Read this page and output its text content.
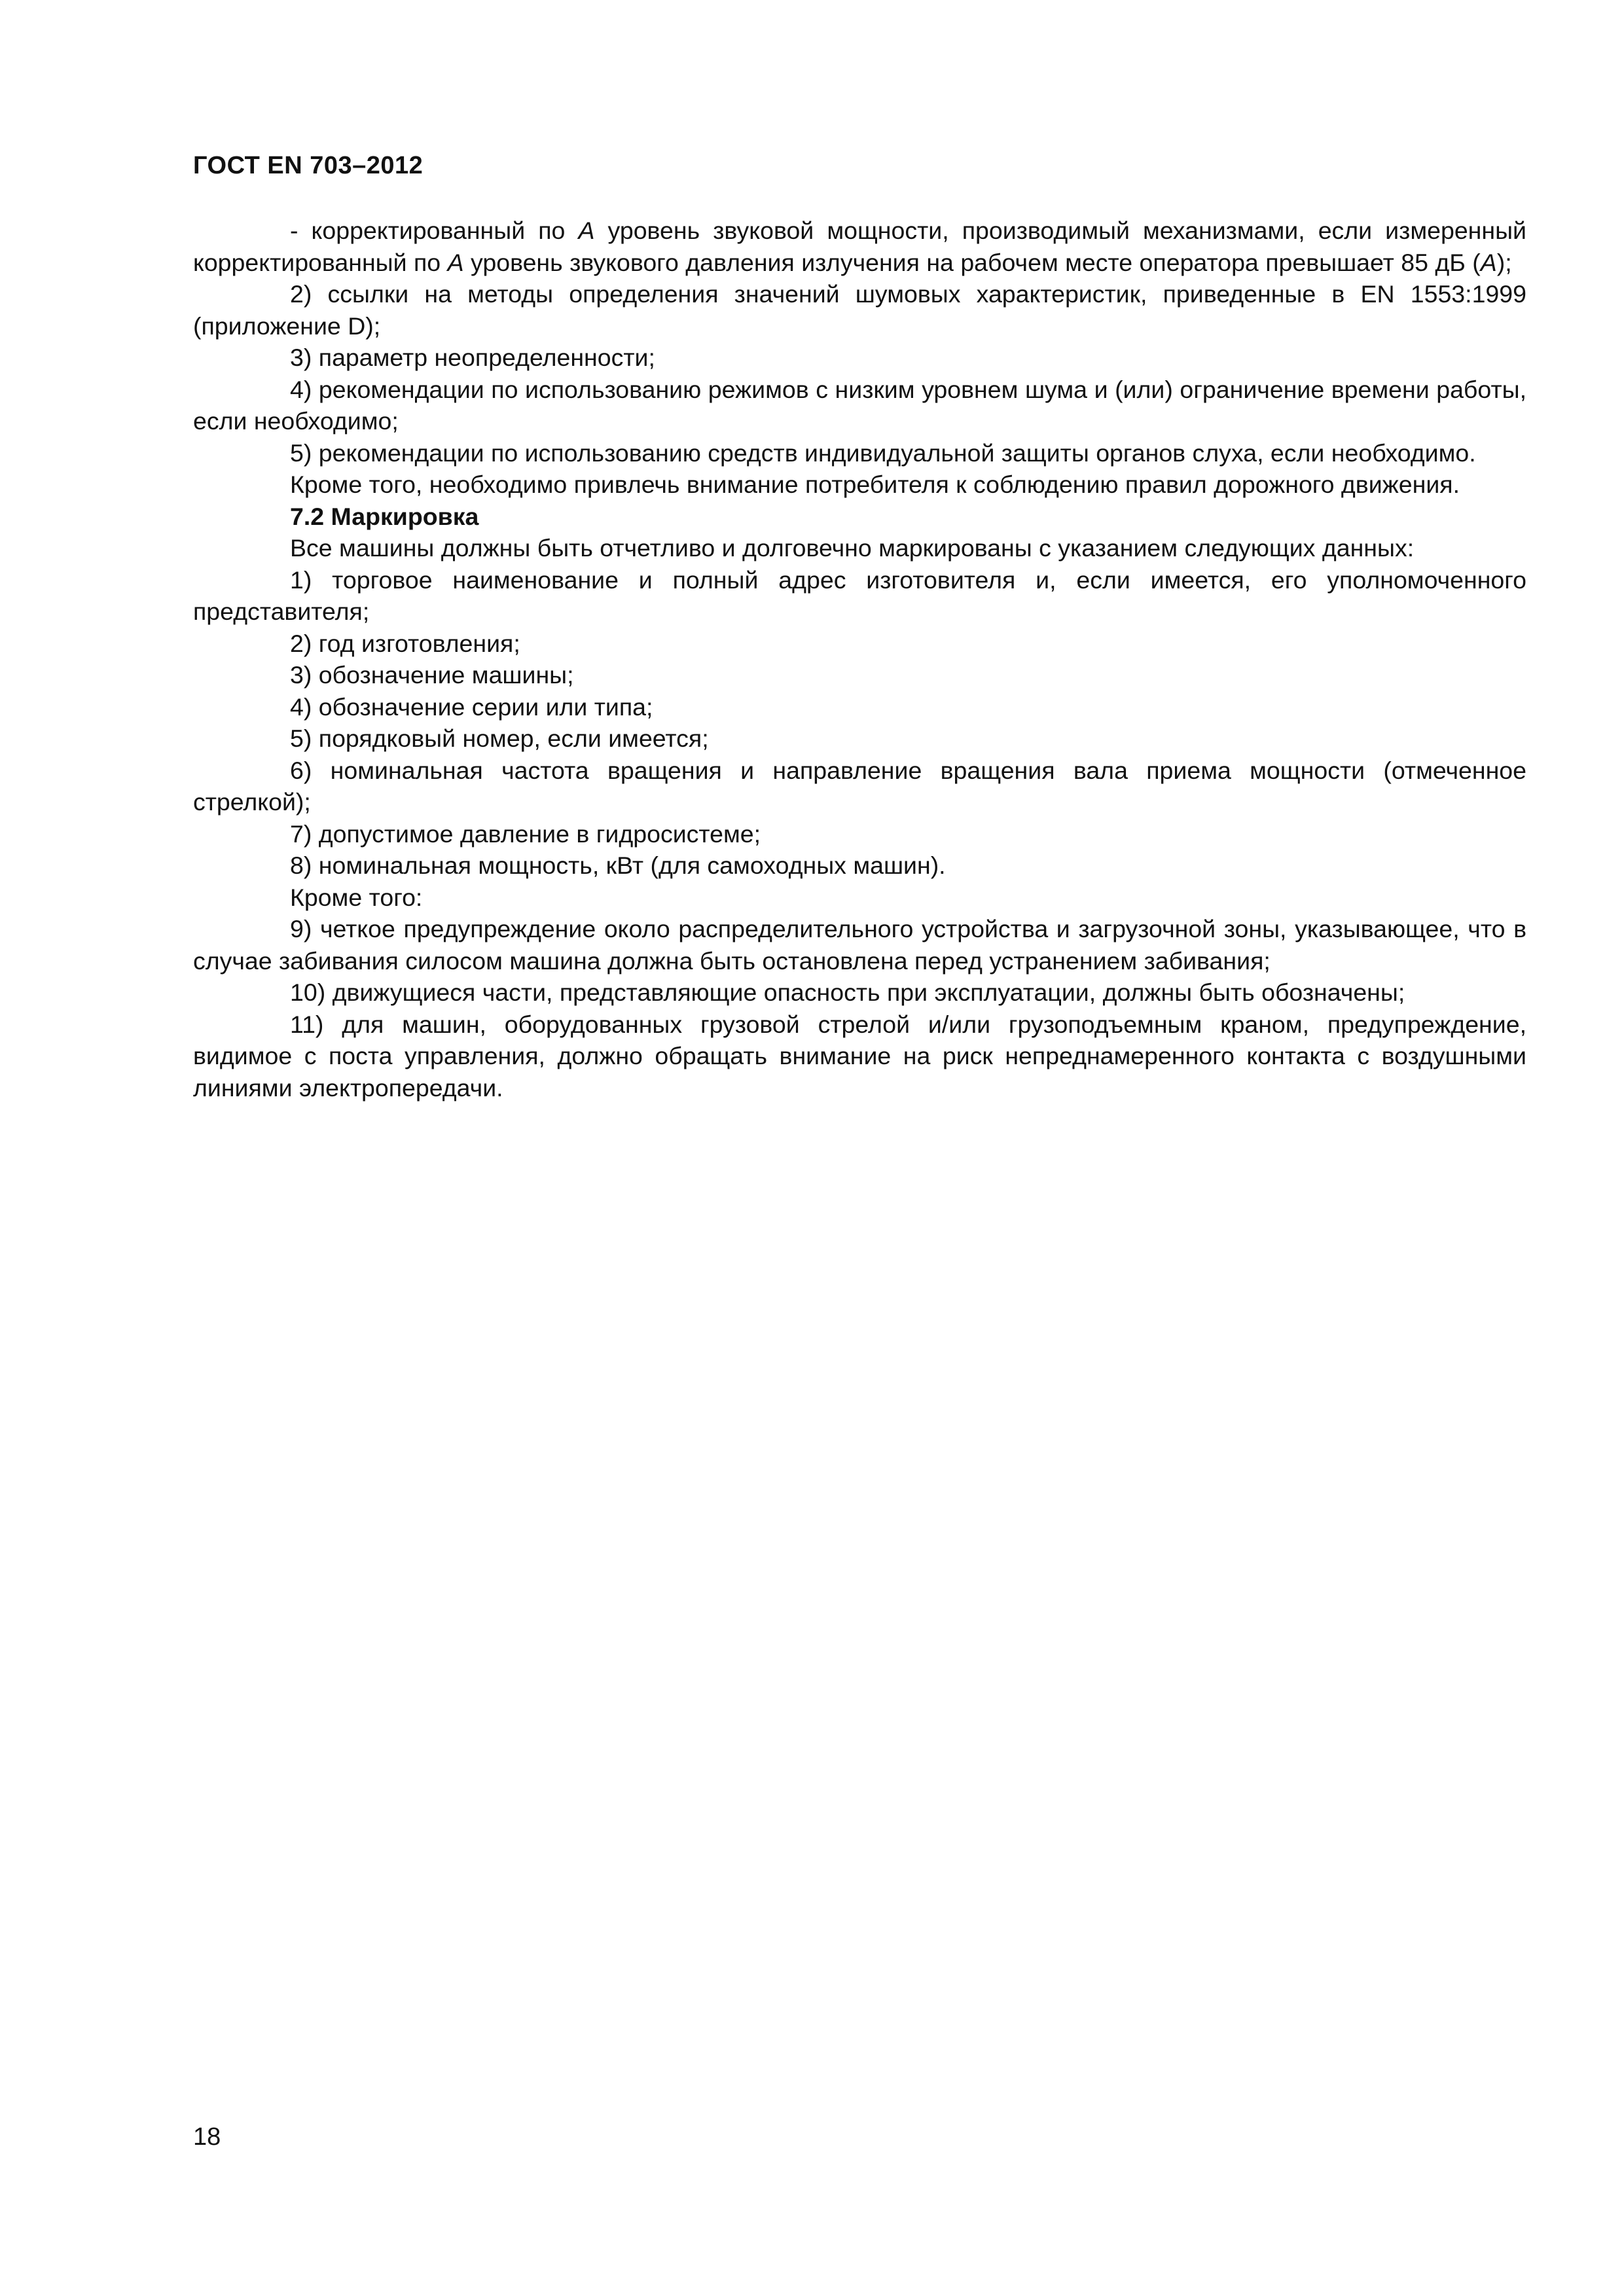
ГОСТ EN 703–2012

- корректированный по A уровень звуковой мощности, производимый механизмами, если измеренный корректированный по A уровень звукового давления излучения на рабочем месте оператора превышает 85 дБ (A);

2) ссылки на методы определения значений шумовых характеристик, приведенные в EN 1553:1999 (приложение D);

3) параметр неопределенности;

4) рекомендации по использованию режимов с низким уровнем шума и (или) ограничение времени работы, если необходимо;

5) рекомендации по использованию средств индивидуальной защиты органов слуха, если необходимо.

Кроме того, необходимо привлечь внимание потребителя к соблюдению правил дорожного движения.

7.2 Маркировка

Все машины должны быть отчетливо и долговечно маркированы с указанием следующих данных:

1) торговое наименование и полный адрес изготовителя и, если имеется, его уполномоченного представителя;

2) год изготовления;

3) обозначение машины;

4) обозначение серии или типа;

5) порядковый номер, если имеется;

6) номинальная частота вращения и направление вращения вала приема мощности (отмеченное стрелкой);

7) допустимое давление в гидросистеме;

8) номинальная мощность, кВт (для самоходных машин).

Кроме того:

9) четкое предупреждение около распределительного устройства и загрузочной зоны, указывающее, что в случае забивания силосом машина должна быть остановлена перед устранением забивания;

10) движущиеся части, представляющие опасность при эксплуатации, должны быть обозначены;

11) для машин, оборудованных грузовой стрелой и/или грузоподъемным краном, предупреждение, видимое с поста управления, должно обращать внимание на риск непреднамеренного контакта с воздушными линиями электропередачи.

18
